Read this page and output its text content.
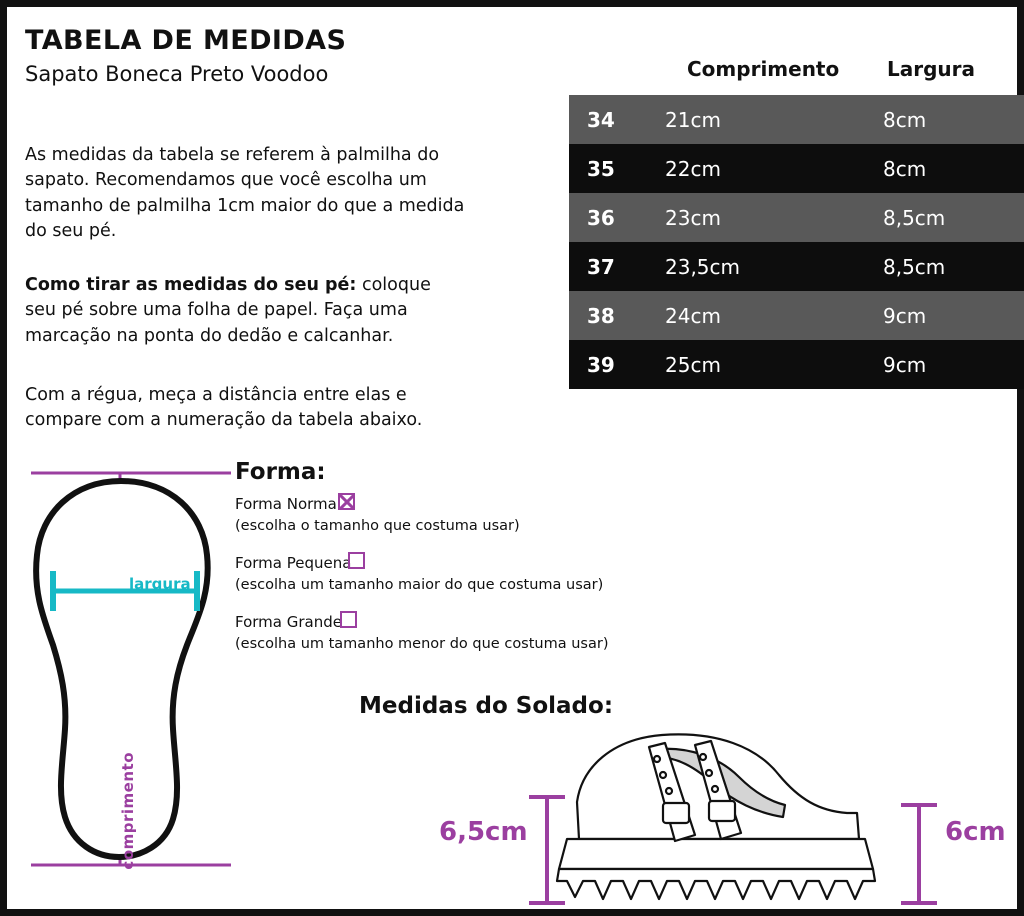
TABELA DE MEDIDAS
Sapato Boneca Preto Voodoo
As medidas da tabela se referem à palmilha do sapato. Recomendamos que você escolha um tamanho de palmilha 1cm maior do que a medida do seu pé.
Como tirar as medidas do seu pé: coloque seu pé sobre uma folha de papel. Faça uma marcação na ponta do dedão e calcanhar.
Com a régua, meça a distância entre elas e compare com a numeração da tabela abaixo.
Comprimento Largura
34	21cm	8cm
35	22cm	8cm
36	23cm	8,5cm
37	23,5cm	8,5cm
38	24cm	9cm
39	25cm	9cm
Forma:
Forma Normal
(escolha o tamanho que costuma usar)
Forma Pequena
(escolha um tamanho maior do que costuma usar)
Forma Grande
(escolha um tamanho menor do que costuma usar)
largura
comprimento
Medidas do Solado:
6,5cm	6cm
